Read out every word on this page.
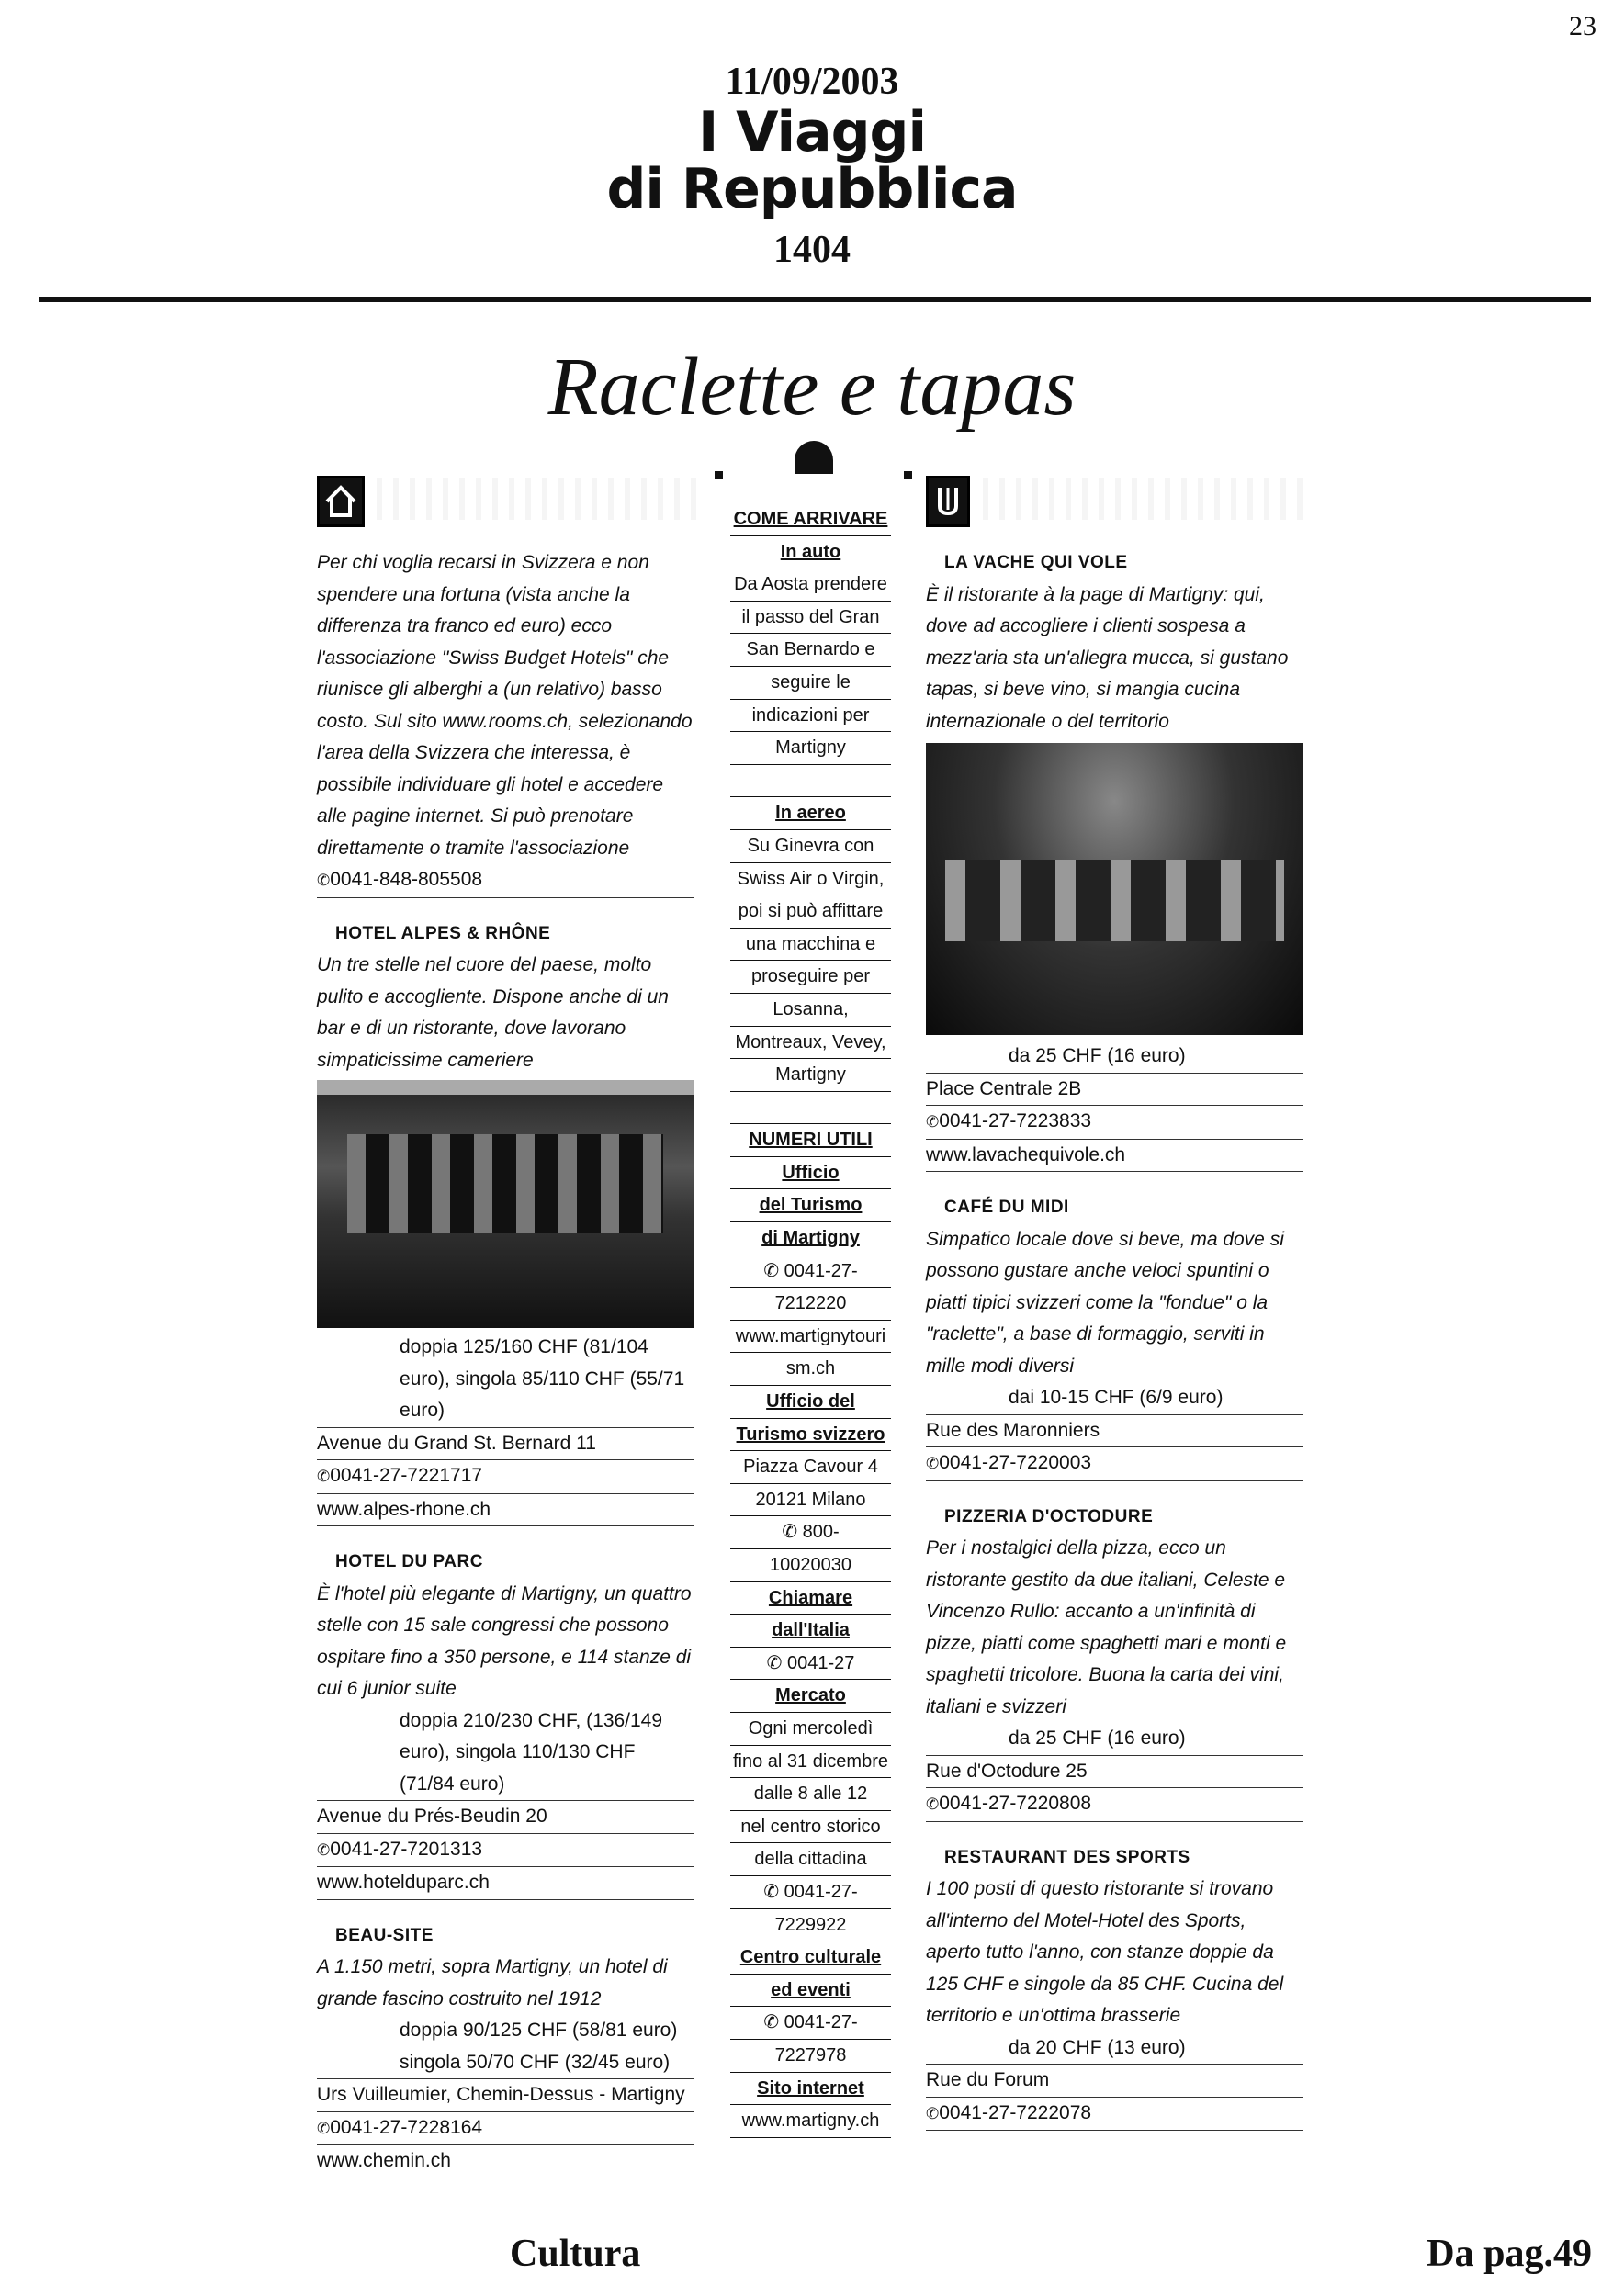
23
11/09/2003
I Viaggi
di Repubblica
1404
Raclette e tapas
Per chi voglia recarsi in Svizzera e non spendere una fortuna (vista anche la differenza tra franco ed euro) ecco l'associazione "Swiss Budget Hotels" che riunisce gli alberghi a (un relativo) basso costo. Sul sito www.rooms.ch, selezionando l'area della Svizzera che interessa, è possibile individuare gli hotel e accedere alle pagine internet. Si può prenotare direttamente o tramite l'associazione
✆ 0041-848-805508
HOTEL ALPES & RHÔNE
Un tre stelle nel cuore del paese, molto pulito e accogliente. Dispone anche di un bar e di un ristorante, dove lavorano simpaticissime cameriere
doppia 125/160 CHF (81/104 euro), singola 85/110 CHF (55/71 euro)
Avenue du Grand St. Bernard 11
✆ 0041-27-7221717
www.alpes-rhone.ch
HOTEL DU PARC
È l'hotel più elegante di Martigny, un quattro stelle con 15 sale congressi che possono ospitare fino a 350 persone, e 114 stanze di cui 6 junior suite
doppia 210/230 CHF, (136/149 euro), singola 110/130 CHF (71/84 euro)
Avenue du Prés-Beudin 20
✆ 0041-27-7201313
www.hotelduparc.ch
BEAU-SITE
A 1.150 metri, sopra Martigny, un hotel di grande fascino costruito nel 1912
doppia 90/125 CHF (58/81 euro) singola 50/70 CHF (32/45 euro)
Urs Vuilleumier, Chemin-Dessus - Martigny
✆ 0041-27-7228164
www.chemin.ch
COME ARRIVARE
In auto
Da Aosta prendere
il passo del Gran
San Bernardo e
seguire le
indicazioni per
Martigny

In aereo
Su Ginevra con
Swiss Air o Virgin,
poi si può affittare
una macchina e
proseguire per
Losanna,
Montreaux, Vevey,
Martigny

NUMERI UTILI
Ufficio
del Turismo
di Martigny
✆ 0041-27-
7212220
www.martignytouri
sm.ch
Ufficio del
Turismo svizzero
Piazza Cavour 4
20121 Milano
✆ 800-
10020030
Chiamare
dall'Italia
✆ 0041-27
Mercato
Ogni mercoledì
fino al 31 dicembre
dalle 8 alle 12
nel centro storico
della cittadina
✆ 0041-27-
7229922
Centro culturale
ed eventi
✆ 0041-27-
7227978
Sito internet
www.martigny.ch
LA VACHE QUI VOLE
È il ristorante à la page di Martigny: qui, dove ad accogliere i clienti sospesa a mezz'aria sta un'allegra mucca, si gustano tapas, si beve vino, si mangia cucina internazionale o del territorio
da 25 CHF (16 euro)
Place Centrale 2B
✆ 0041-27-7223833
www.lavachequivole.ch
CAFÉ DU MIDI
Simpatico locale dove si beve, ma dove si possono gustare anche veloci spuntini o piatti tipici svizzeri come la "fondue" o la "raclette", a base di formaggio, serviti in mille modi diversi
dai 10-15 CHF (6/9 euro)
Rue des Maronniers
✆ 0041-27-7220003
PIZZERIA D'OCTODURE
Per i nostalgici della pizza, ecco un ristorante gestito da due italiani, Celeste e Vincenzo Rullo: accanto a un'infinità di pizze, piatti come spaghetti mari e monti e spaghetti tricolore. Buona la carta dei vini, italiani e svizzeri
da 25 CHF (16 euro)
Rue d'Octodure 25
✆ 0041-27-7220808
RESTAURANT DES SPORTS
I 100 posti di questo ristorante si trovano all'interno del Motel-Hotel des Sports, aperto tutto l'anno, con stanze doppie da 125 CHF e singole da 85 CHF. Cucina del territorio e un'ottima brasserie
da 20 CHF (13 euro)
Rue du Forum
✆ 0041-27-7222078
Cultura	Da pag.49
